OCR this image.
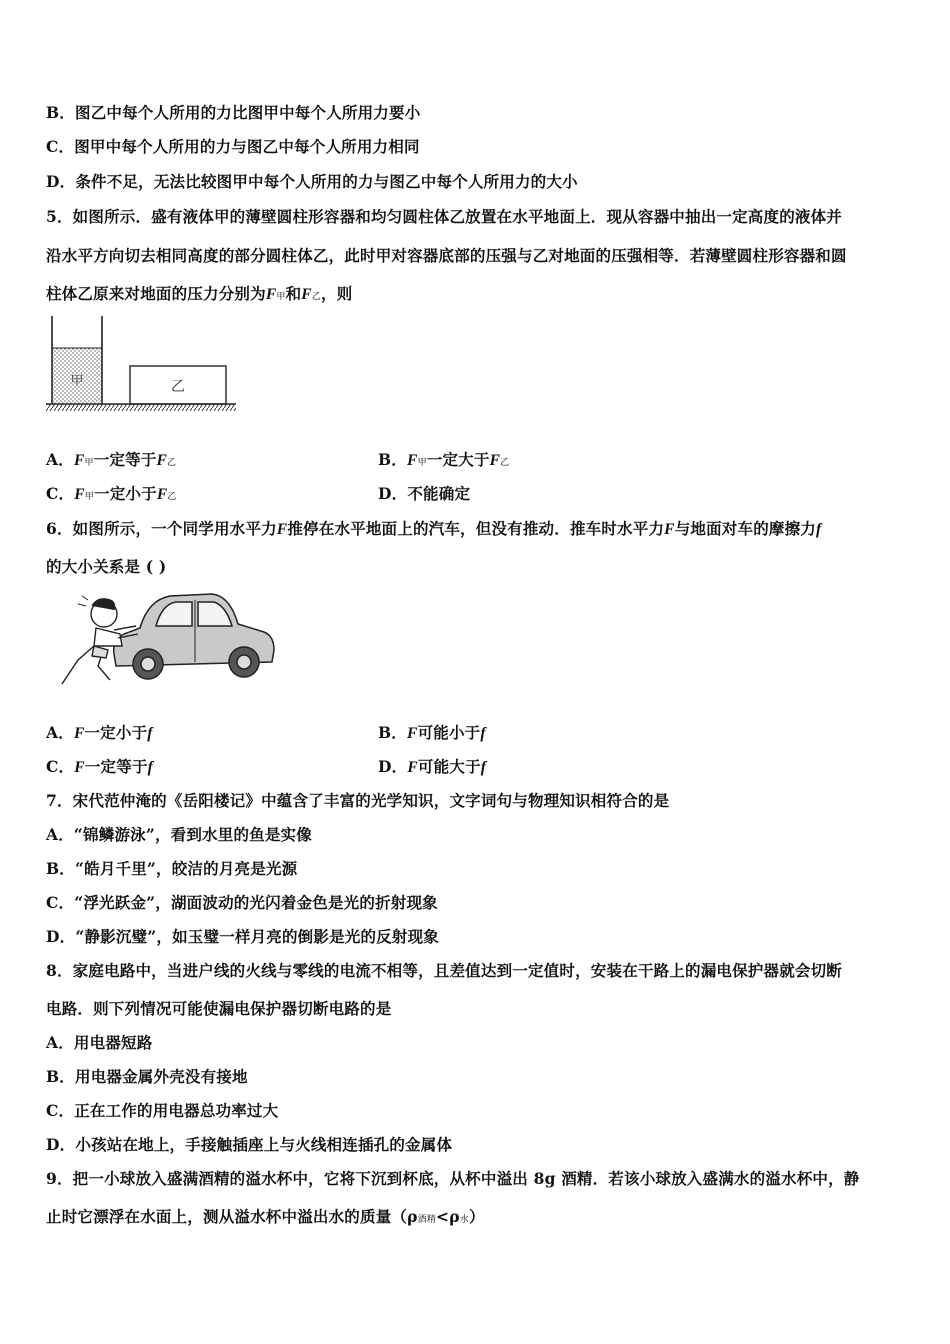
B．图乙中每个人所用的力比图甲中每个人所用力要小
C．图甲中每个人所用的力与图乙中每个人所用力相同
D．条件不足，无法比较图甲中每个人所用的力与图乙中每个人所用力的大小
5．如图所示．盛有液体甲的薄壁圆柱形容器和均匀圆柱体乙放置在水平地面上．现从容器中抽出一定高度的液体并
沿水平方向切去相同高度的部分圆柱体乙，此时甲对容器底部的压强与乙对地面的压强相等．若薄壁圆柱形容器和圆
柱体乙原来对地面的压力分别为F甲和F乙，则
甲	乙
A．F甲一定等于F乙	B．F甲一定大于F乙
C．F甲一定小于F乙	D．不能确定
6．如图所示，一个同学用水平力F推停在水平地面上的汽车，但没有推动．推车时水平力F与地面对车的摩擦力f
的大小关系是 ( )
A．F一定小于f	B．F可能小于f
C．F一定等于f	D．F可能大于f
7．宋代范仲淹的《岳阳楼记》中蕴含了丰富的光学知识，文字词句与物理知识相符合的是
A．“锦鳞游泳”，看到水里的鱼是实像
B．“皓月千里”，皎洁的月亮是光源
C．“浮光跃金”，湖面波动的光闪着金色是光的折射现象
D．“静影沉璧”，如玉璧一样月亮的倒影是光的反射现象
8．家庭电路中，当进户线的火线与零线的电流不相等，且差值达到一定值时，安装在干路上的漏电保护器就会切断
电路．则下列情况可能使漏电保护器切断电路的是
A．用电器短路
B．用电器金属外壳没有接地
C．正在工作的用电器总功率过大
D．小孩站在地上，手接触插座上与火线相连插孔的金属体
9．把一小球放入盛满酒精的溢水杯中，它将下沉到杯底，从杯中溢出 8g 酒精．若该小球放入盛满水的溢水杯中，静
止时它漂浮在水面上，测从溢水杯中溢出水的质量（ρ酒精<ρ水）
